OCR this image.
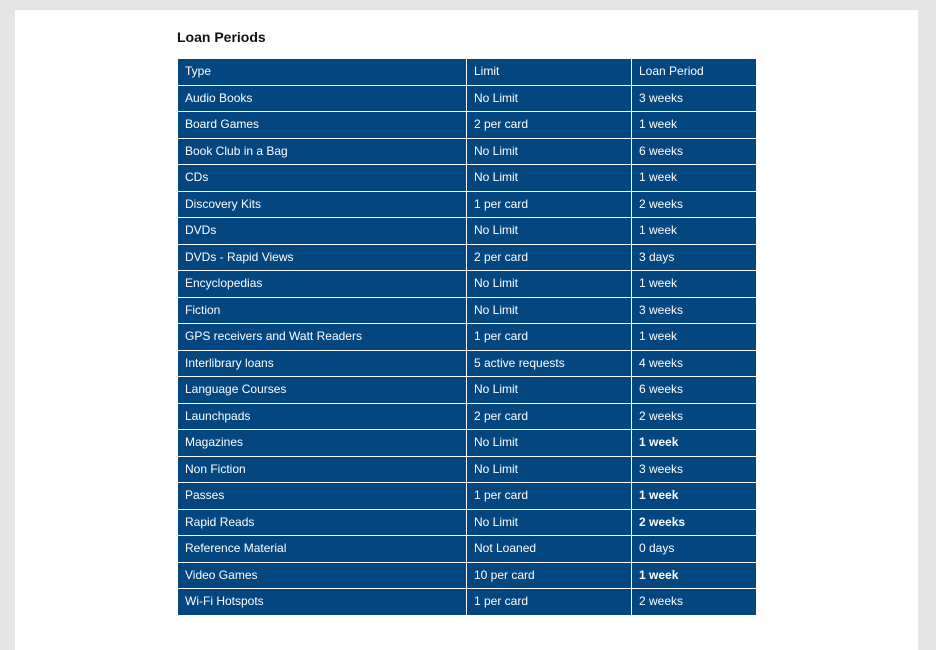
Loan Periods
Type	Limit	Loan Period
Audio Books	No Limit	3 weeks
Board Games	2 per card	1 week
Book Club in a Bag	No Limit	6 weeks
CDs	No Limit	1 week
Discovery Kits	1 per card	2 weeks
DVDs	No Limit	1 week
DVDs - Rapid Views	2 per card	3 days
Encyclopedias	No Limit	1 week
Fiction	No Limit	3 weeks
GPS receivers and Watt Readers	1 per card	1 week
Interlibrary loans	5 active requests	4 weeks
Language Courses	No Limit	6 weeks
Launchpads	2 per card	2 weeks
Magazines	No Limit	1 week
Non Fiction	No Limit	3 weeks
Passes	1 per card	1 week
Rapid Reads	No Limit	2 weeks
Reference Material	Not Loaned	0 days
Video Games	10 per card	1 week
Wi-Fi Hotspots	1 per card	2 weeks
